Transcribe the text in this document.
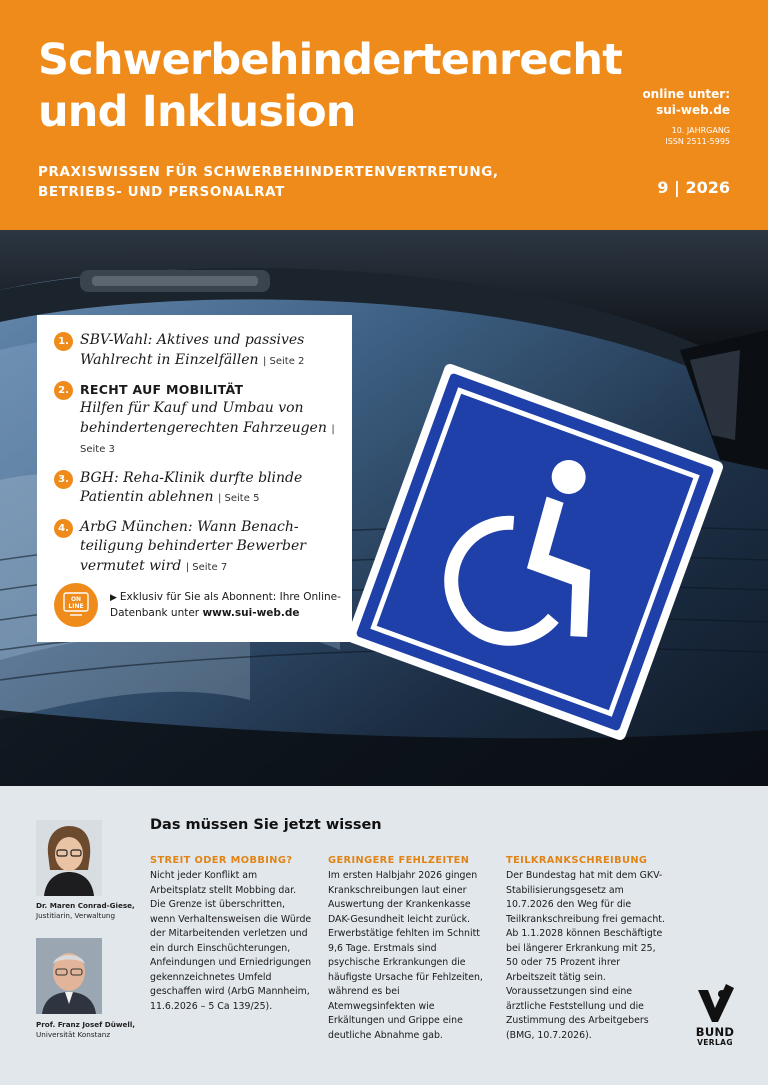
Schwerbehindertenrecht
und Inklusion	online unter:
sui-web.de
10. JAHRGANG
ISSN 2511-5995
PRAXISWISSEN FÜR SCHWERBEHINDERTENVERTRETUNG,
BETRIEBS- UND PERSONALRAT	9 | 2026
1. SBV-Wahl: Aktives und passives Wahlrecht in Einzelfällen | Seite 2
2. RECHT AUF MOBILITÄT
Hilfen für Kauf und Umbau von behindertengerechten Fahrzeugen | Seite 3
3. BGH: Reha-Klinik durfte blinde Patientin ablehnen | Seite 5
4. ArbG München: Wann Benachteiligung behinderter Bewerber vermutet wird | Seite 7
ON
LINE
▶ Exklusiv für Sie als Abonnent: Ihre Online-
Datenbank unter www.sui-web.de
Das müssen Sie jetzt wissen
Dr. Maren Conrad-Giese,
Justitiarin, Verwaltung
Prof. Franz Josef Düwell,
Universität Konstanz
STREIT ODER MOBBING?

Nicht jeder Konflikt am Arbeitsplatz stellt Mobbing dar. Die Grenze ist überschritten, wenn Verhaltensweisen die Würde der Mitarbeitenden verletzen und ein durch Einschüchterungen, Anfeindungen und Erniedrigungen gekennzeichnetes Umfeld geschaffen wird (ArbG Mannheim, 11.6.2026 – 5 Ca 139/25).

GERINGERE FEHLZEITEN

Im ersten Halbjahr 2026 gingen Krankschreibungen laut einer Auswertung der Krankenkasse DAK-Gesundheit leicht zurück. Erwerbstätige fehlten im Schnitt 9,6 Tage. Erstmals sind psychische Erkrankungen die häufigste Ursache für Fehlzeiten, während es bei Atemwegsinfekten wie Erkältungen und Grippe eine deutliche Abnahme gab.

TEILKRANKSCHREIBUNG

Der Bundestag hat mit dem GKV-Stabilisierungsgesetz am 10.7.2026 den Weg für die Teilkrankschreibung frei gemacht. Ab 1.1.2028 können Beschäftigte bei längerer Erkrankung mit 25, 50 oder 75 Prozent ihrer Arbeitszeit tätig sein. Voraussetzungen sind eine ärztliche Feststellung und die Zustimmung des Arbeitgebers (BMG, 10.7.2026).	BUND
VERLAG
